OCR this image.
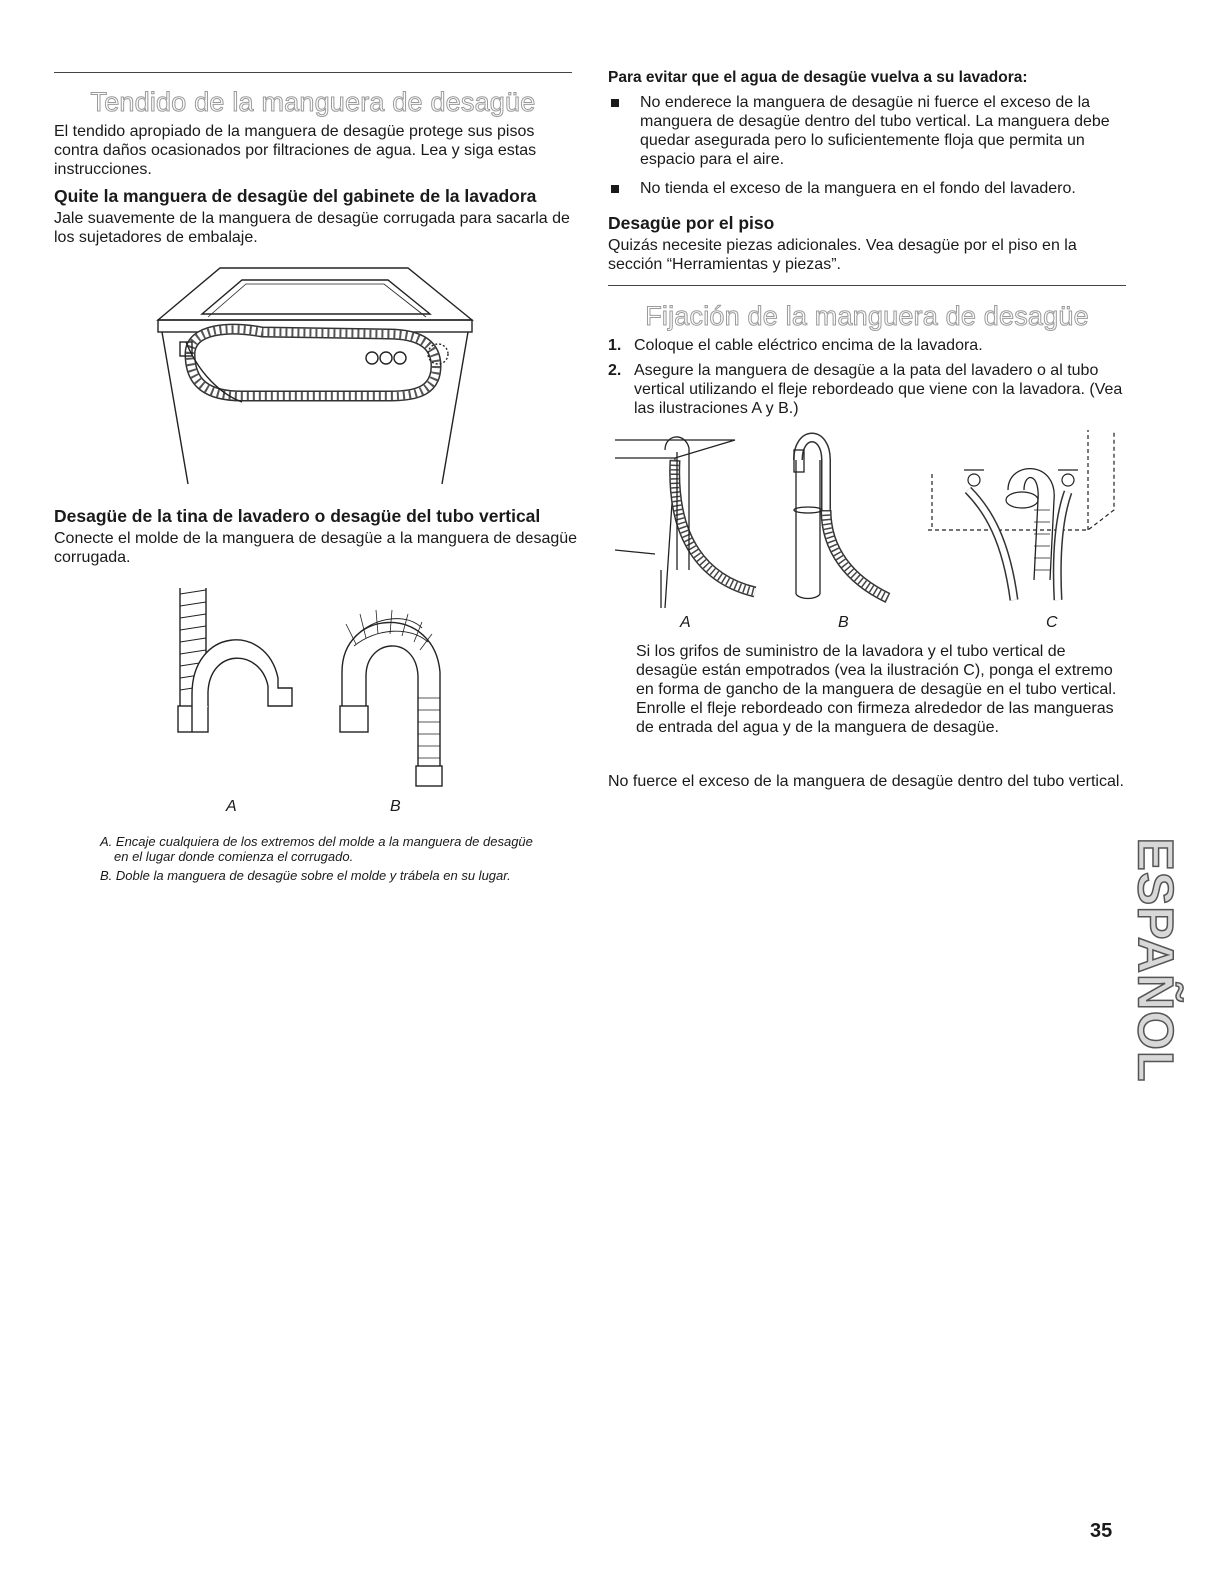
Tendido de la manguera de desagüe

El tendido apropiado de la manguera de desagüe protege sus pisos contra daños ocasionados por filtraciones de agua. Lea y siga estas instrucciones.

Quite la manguera de desagüe del gabinete de la lavadora

Jale suavemente de la manguera de desagüe corrugada para sacarla de los sujetadores de embalaje.

Desagüe de la tina de lavadero o desagüe del tubo vertical

Conecte el molde de la manguera de desagüe a la manguera de desagüe corrugada.

A	B

A. Encaje cualquiera de los extremos del molde a la manguera de desagüe en el lugar donde comienza el corrugado.

B. Doble la manguera de desagüe sobre el molde y trábela en su lugar.

Para evitar que el agua de desagüe vuelva a su lavadora:

No enderece la manguera de desagüe ni fuerce el exceso de la manguera de desagüe dentro del tubo vertical. La manguera debe quedar asegurada pero lo suficientemente floja que permita un espacio para el aire.
No tienda el exceso de la manguera en el fondo del lavadero.

Desagüe por el piso

Quizás necesite piezas adicionales. Vea desagüe por el piso en la sección “Herramientas y piezas”.

Fijación de la manguera de desagüe
1. Coloque el cable eléctrico encima de la lavadora.
2. Asegure la manguera de desagüe a la pata del lavadero o al tubo vertical utilizando el fleje rebordeado que viene con la lavadora. (Vea las ilustraciones A y B.)
A	B	C

Si los grifos de suministro de la lavadora y el tubo vertical de desagüe están empotrados (vea la ilustración C), ponga el extremo en forma de gancho de la manguera de desagüe en el tubo vertical. Enrolle el fleje rebordeado con firmeza alrededor de las mangueras de entrada del agua y de la manguera de desagüe.

No fuerce el exceso de la manguera de desagüe dentro del tubo vertical.

ESPAÑOL
35
